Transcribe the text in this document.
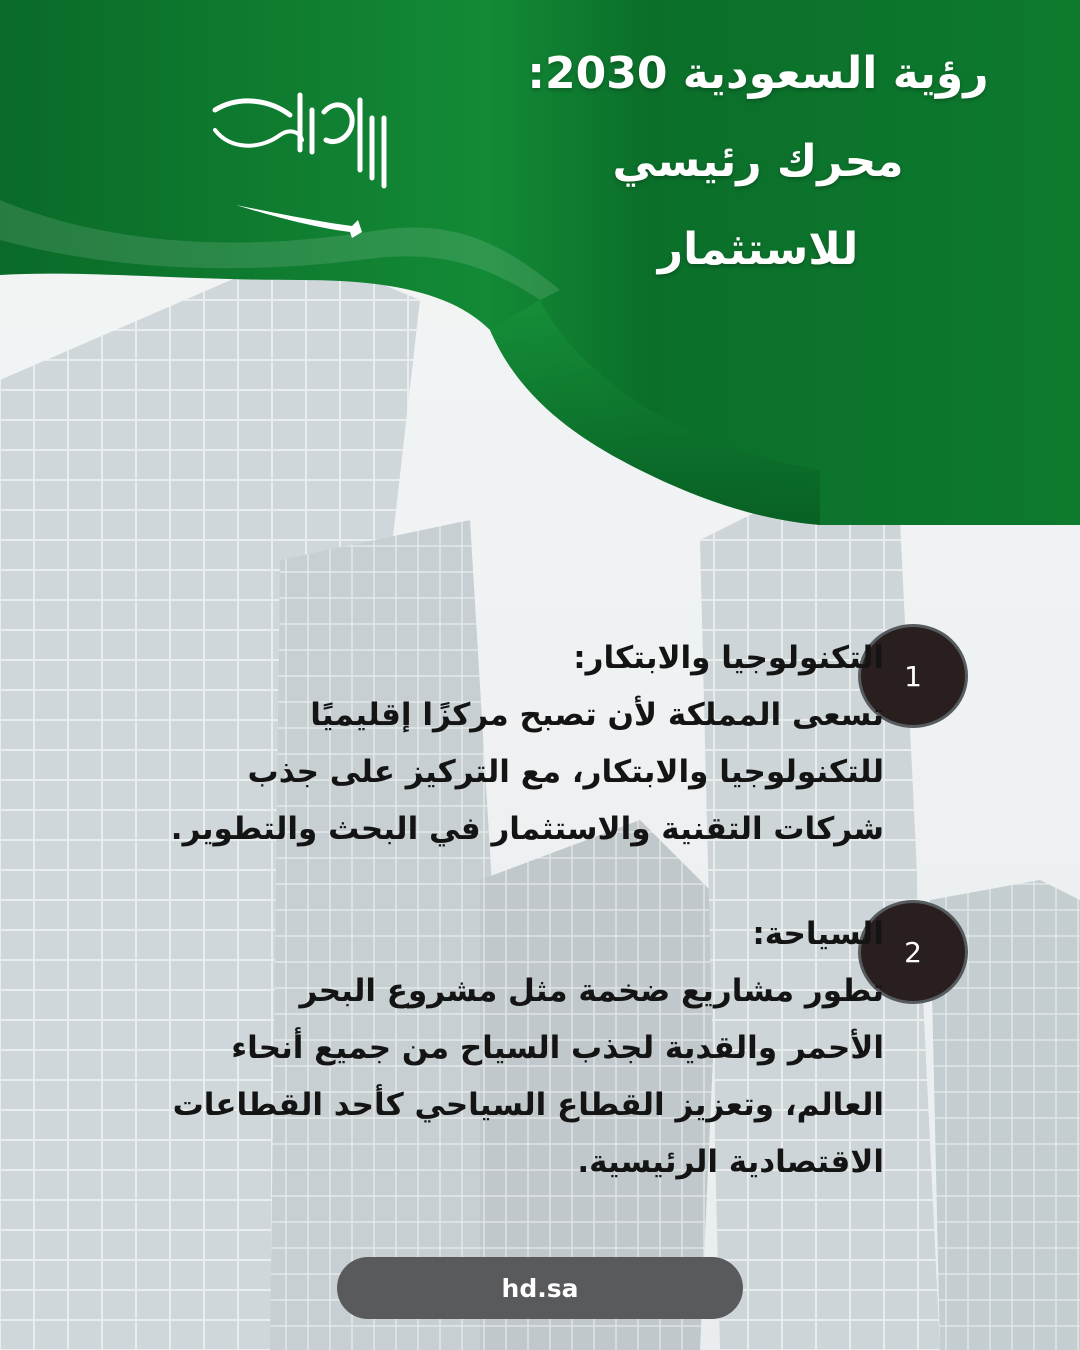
رؤية السعودية 2030:
محرك رئيسي
للاستثمار
1
التكنولوجيا والابتكار:
تسعى المملكة لأن تصبح مركزًا إقليميًا
للتكنولوجيا والابتكار، مع التركيز على جذب
شركات التقنية والاستثمار في البحث والتطوير.
2
السياحة:
تطور مشاريع ضخمة مثل مشروع البحر
الأحمر والقدية لجذب السياح من جميع أنحاء
العالم، وتعزيز القطاع السياحي كأحد القطاعات
الاقتصادية الرئيسية.
hd.sa
